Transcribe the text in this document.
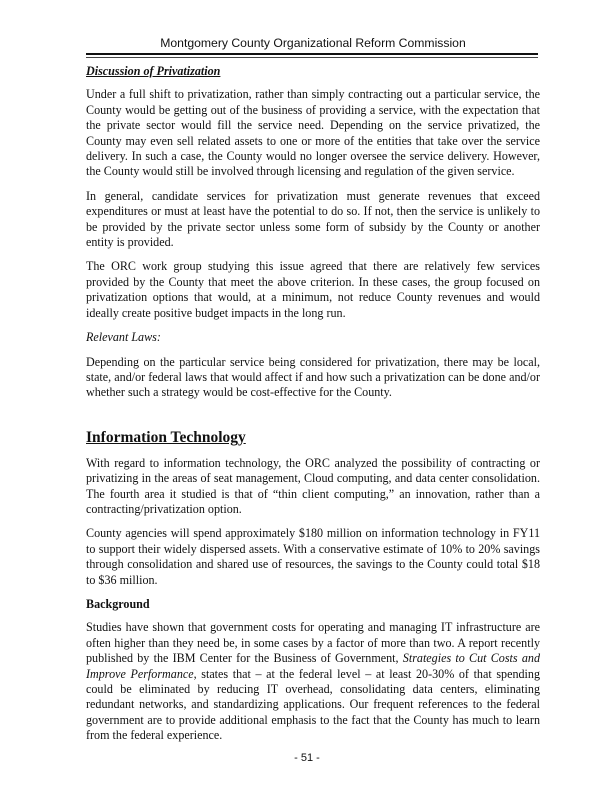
Montgomery County Organizational Reform Commission

Discussion of Privatization

Under a full shift to privatization, rather than simply contracting out a particular service, the County would be getting out of the business of providing a service, with the expectation that the private sector would fill the service need. Depending on the service privatized, the County may even sell related assets to one or more of the entities that take over the service delivery. In such a case, the County would no longer oversee the service delivery. However, the County would still be involved through licensing and regulation of the given service.

In general, candidate services for privatization must generate revenues that exceed expenditures or must at least have the potential to do so. If not, then the service is unlikely to be provided by the private sector unless some form of subsidy by the County or another entity is provided.

The ORC work group studying this issue agreed that there are relatively few services provided by the County that meet the above criterion. In these cases, the group focused on privatization options that would, at a minimum, not reduce County revenues and would ideally create positive budget impacts in the long run.

Relevant Laws:

Depending on the particular service being considered for privatization, there may be local, state, and/or federal laws that would affect if and how such a privatization can be done and/or whether such a strategy would be cost-effective for the County.

Information Technology

With regard to information technology, the ORC analyzed the possibility of contracting or privatizing in the areas of seat management, Cloud computing, and data center consolidation. The fourth area it studied is that of “thin client computing,” an innovation, rather than a contracting/privatization option.

County agencies will spend approximately $180 million on information technology in FY11 to support their widely dispersed assets. With a conservative estimate of 10% to 20% savings through consolidation and shared use of resources, the savings to the County could total $18 to $36 million.

Background

Studies have shown that government costs for operating and managing IT infrastructure are often higher than they need be, in some cases by a factor of more than two. A report recently published by the IBM Center for the Business of Government, Strategies to Cut Costs and Improve Performance, states that – at the federal level – at least 20-30% of that spending could be eliminated by reducing IT overhead, consolidating data centers, eliminating redundant networks, and standardizing applications. Our frequent references to the federal government are to provide additional emphasis to the fact that the County has much to learn from the federal experience.

- 51 -
